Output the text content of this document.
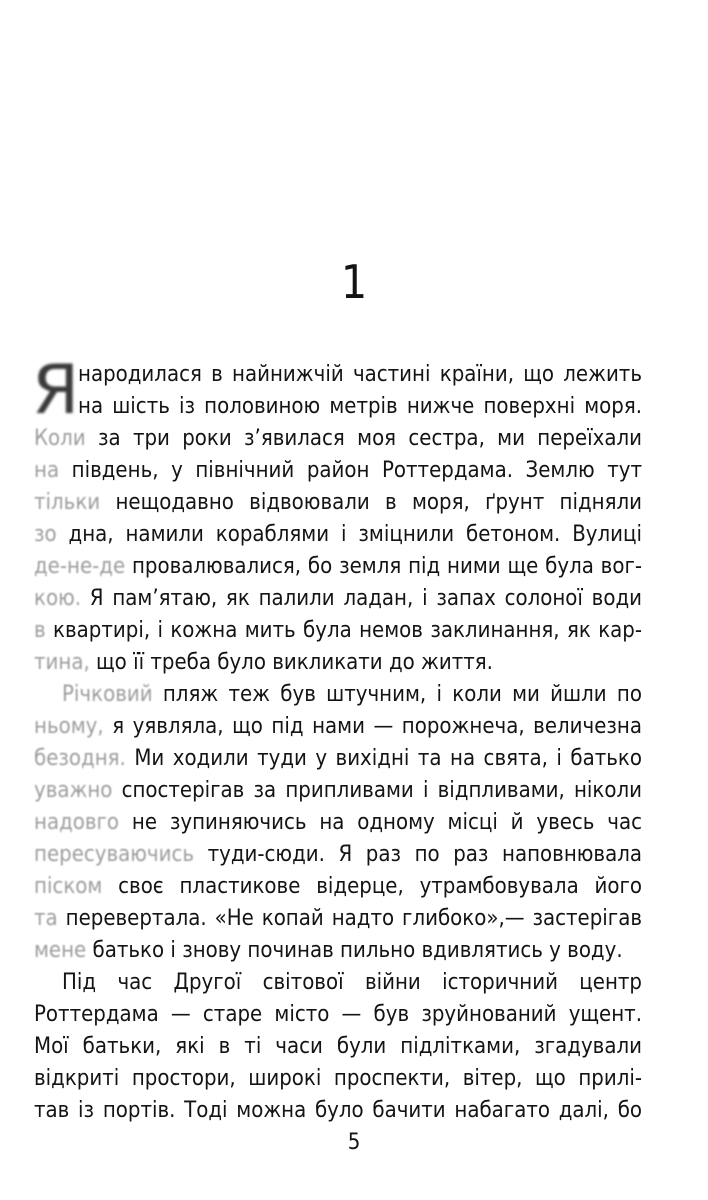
1
Я
народилася в найнижчій частині країни, що лежить
на шість із половиною метрів нижче поверхні моря.
Коли за три роки з’явилася моя сестра, ми переїхали
на південь, у північний район Роттердама. Землю тут
тільки нещодавно відвоювали в моря, ґрунт підняли
зо дна, намили кораблями і зміцнили бетоном. Вулиці
де-не-де провалювалися, бо земля під ними ще була вог-
кою. Я пам’ятаю, як палили ладан, і запах солоної води
в квартирі, і кожна мить була немов заклинання, як кар-
тина, що її треба було викликати до життя.
Річковий пляж теж був штучним, і коли ми йшли по
ньому, я уявляла, що під нами — порожнеча, величезна
безодня. Ми ходили туди у вихідні та на свята, і батько
уважно спостерігав за припливами і відпливами, ніколи
надовго не зупиняючись на одному місці й увесь час
пересуваючись туди-сюди. Я раз по раз наповнювала
піском своє пластикове відерце, утрамбовувала його
та перевертала. «Не копай надто глибоко»,— застерігав
мене батько і знову починав пильно вдивлятись у воду.
Під час Другої світової війни історичний центр
Роттердама — старе місто — був зруйнований ущент.
Мої батьки, які в ті часи були підлітками, згадували
відкриті простори, широкі проспекти, вітер, що прилі-
тав із портів. Тоді можна було бачити набагато далі, бо
5
